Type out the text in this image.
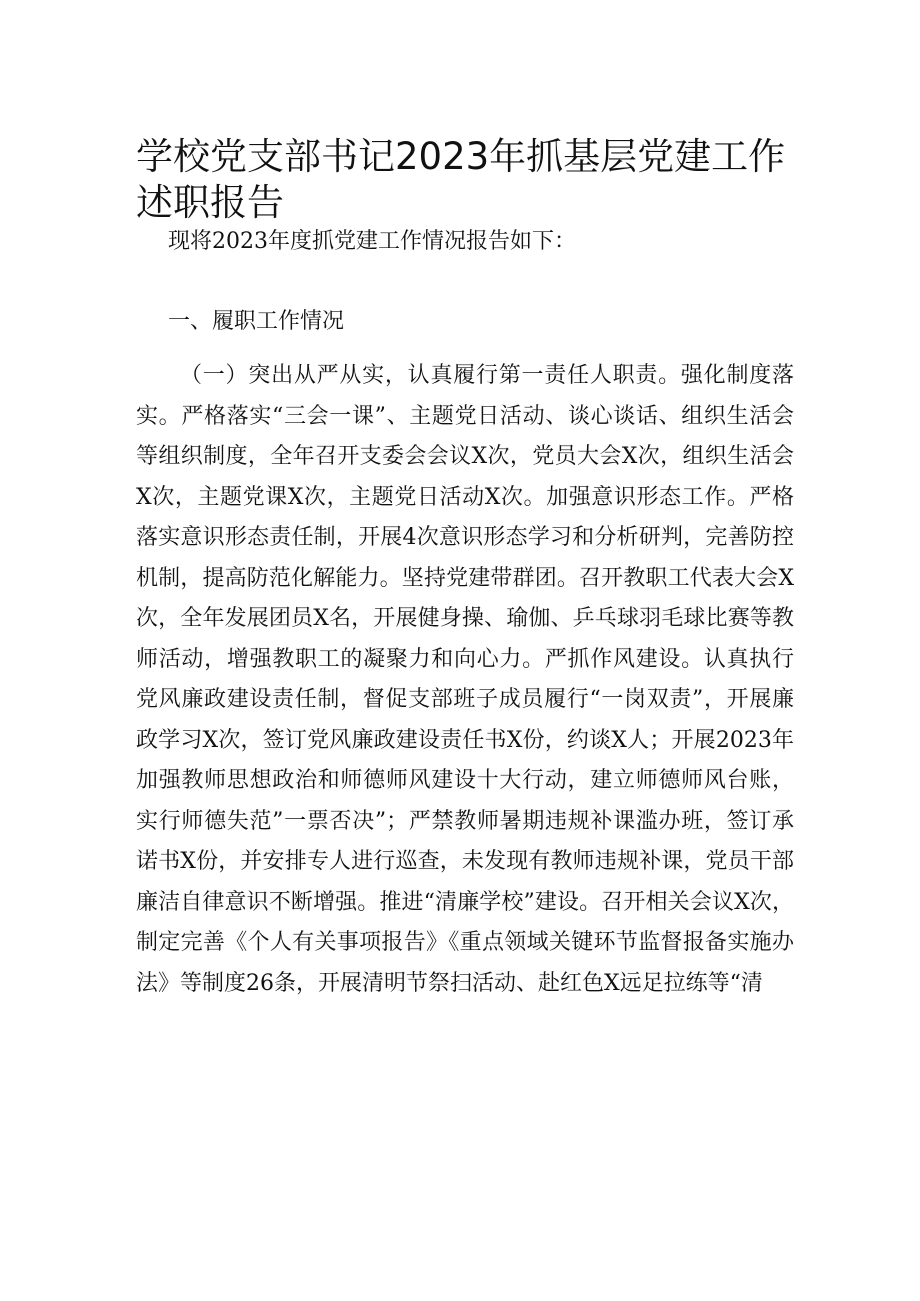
学校党支部书记2023年抓基层党建工作述职报告

现将2023年度抓党建工作情况报告如下：

一、履职工作情况

（一）突出从严从实，认真履行第一责任人职责。强化制度落实。严格落实“三会一课”、主题党日活动、谈心谈话、组织生活会等组织制度，全年召开支委会会议X次，党员大会X次，组织生活会X次，主题党课X次，主题党日活动X次。加强意识形态工作。严格落实意识形态责任制，开展4次意识形态学习和分析研判，完善防控机制，提高防范化解能力。坚持党建带群团。召开教职工代表大会X次，全年发展团员X名，开展健身操、瑜伽、乒乓球羽毛球比赛等教师活动，增强教职工的凝聚力和向心力。严抓作风建设。认真执行党风廉政建设责任制，督促支部班子成员履行“一岗双责”，开展廉政学习X次，签订党风廉政建设责任书X份，约谈X人；开展2023年加强教师思想政治和师德师风建设十大行动，建立师德师风台账，实行师德失范”一票否决”；严禁教师暑期违规补课滥办班，签订承诺书X份，并安排专人进行巡查，未发现有教师违规补课，党员干部廉洁自律意识不断增强。推进“清廉学校”建设。召开相关会议X次，制定完善《个人有关事项报告》《重点领域关键环节监督报备实施办法》等制度26条，开展清明节祭扫活动、赴红色X远足拉练等“清
